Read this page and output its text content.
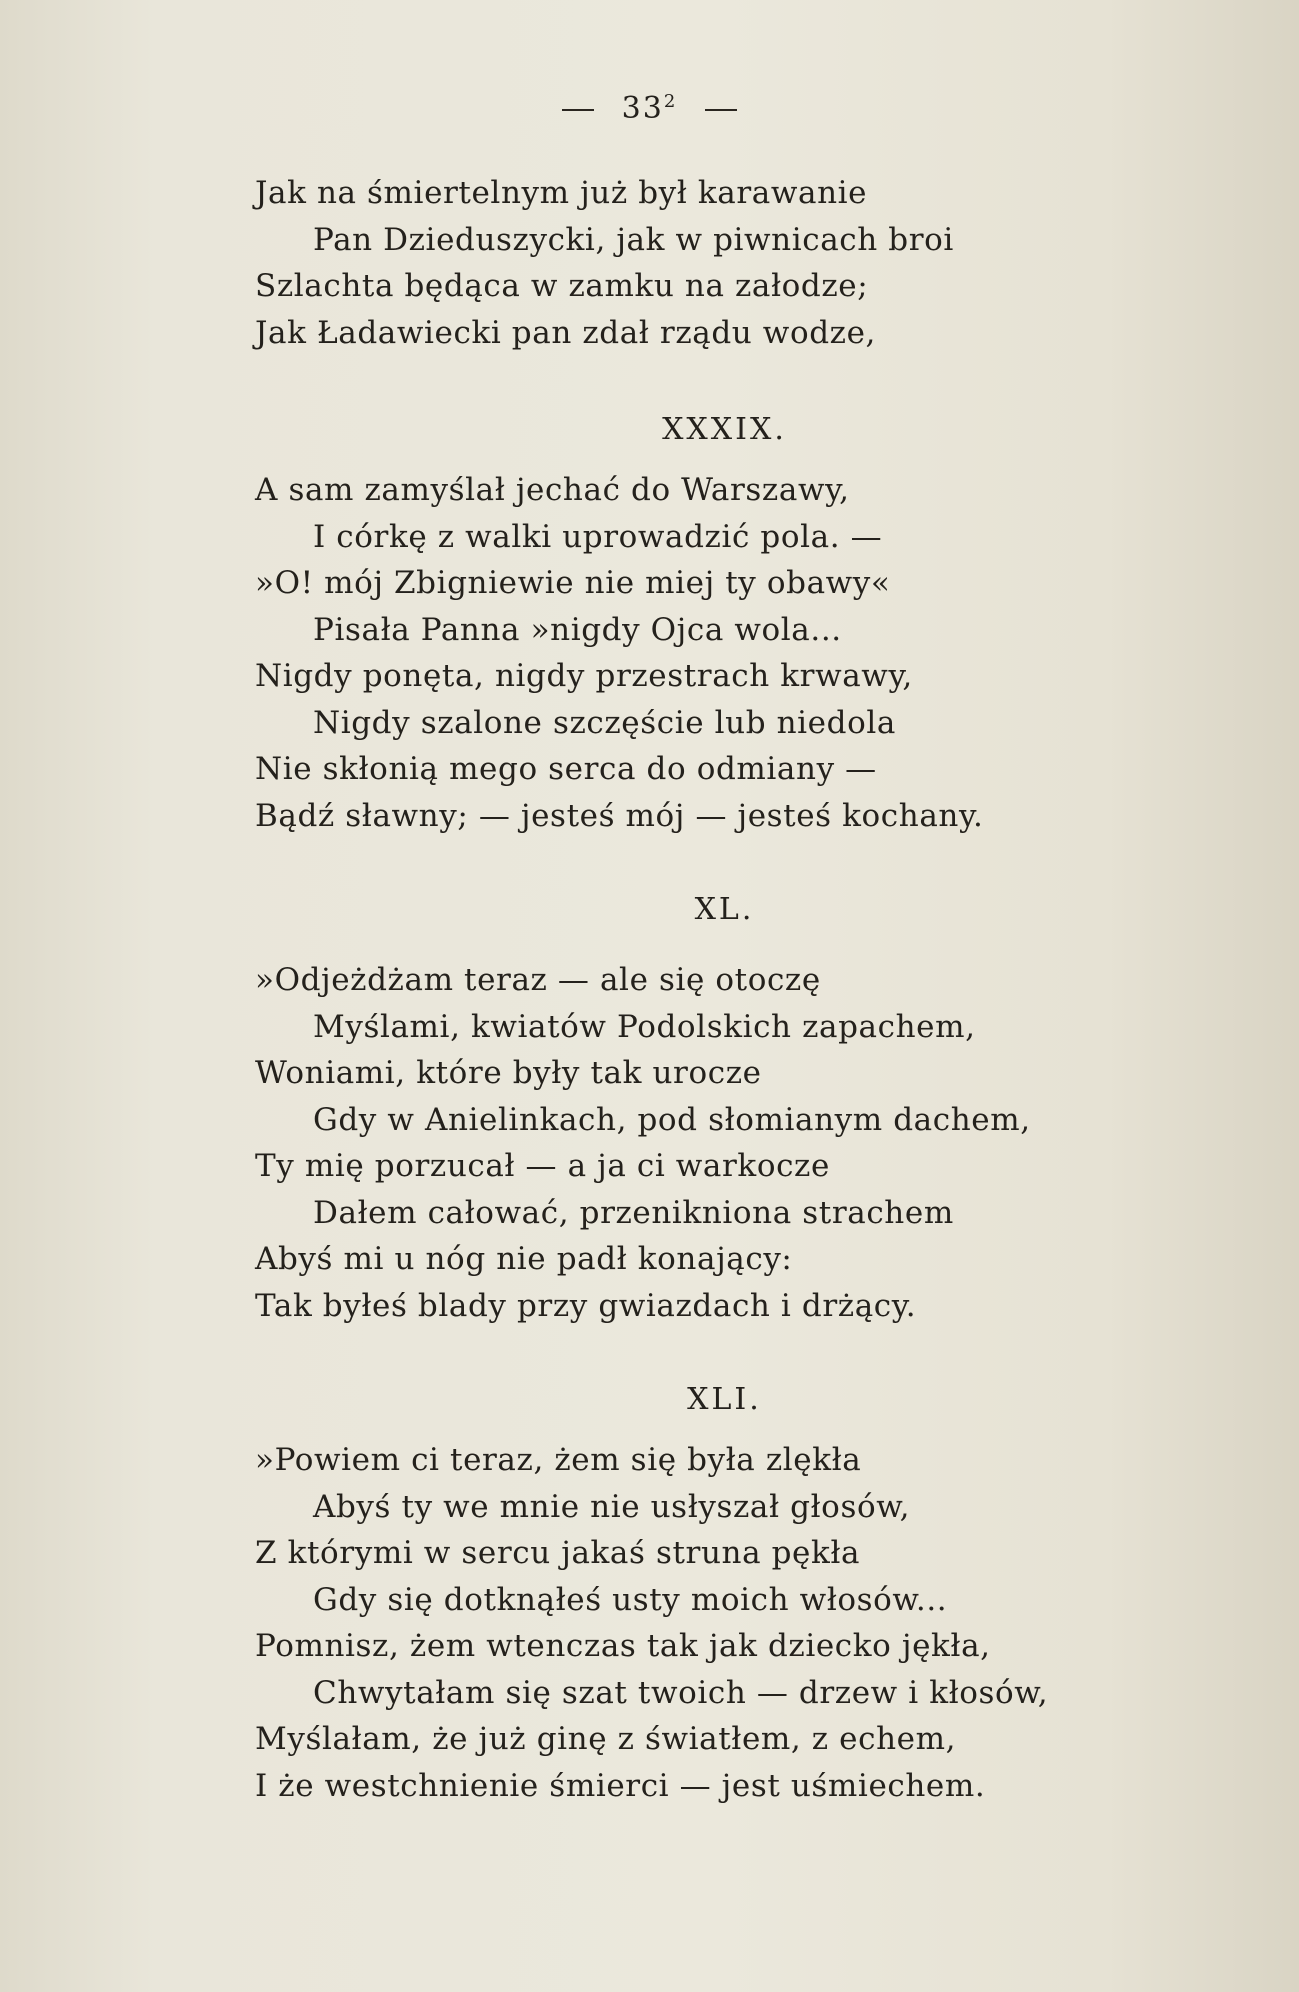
$33^2$
Jak na śmiertelnym już był karawanie
Pan Dzieduszycki, jak w piwnicach broi
Szlachta będąca w zamku na załodze;
Jak Ładawiecki pan zdał rządu wodze,
XXXIX.
A sam zamyślał jechać do Warszawy,
I córkę z walki uprowadzić pola. —
»O! mój Zbigniewie nie miej ty obawy«
Pisała Panna »nigdy Ojca wola...
Nigdy ponęta, nigdy przestrach krwawy,
Nigdy szalone szczęście lub niedola
Nie skłonią mego serca do odmiany —
Bądź sławny; — jesteś mój — jesteś kochany.
XL.
»Odjeżdżam teraz — ale się otoczę
Myślami, kwiatów Podolskich zapachem,
Woniami, które były tak urocze
Gdy w Anielinkach, pod słomianym dachem,
Ty mię porzucał — a ja ci warkocze
Dałem całować, przenikniona strachem
Abyś mi u nóg nie padł konający:
Tak byłeś blady przy gwiazdach i drżący.
XLI.
»Powiem ci teraz, żem się była zlękła
Abyś ty we mnie nie usłyszał głosów,
Z którymi w sercu jakaś struna pękła
Gdy się dotknąłeś usty moich włosów...
Pomnisz, żem wtenczas tak jak dziecko jękła,
Chwytałam się szat twoich — drzew i kłosów,
Myślałam, że już ginę z światłem, z echem,
I że westchnienie śmierci — jest uśmiechem.
